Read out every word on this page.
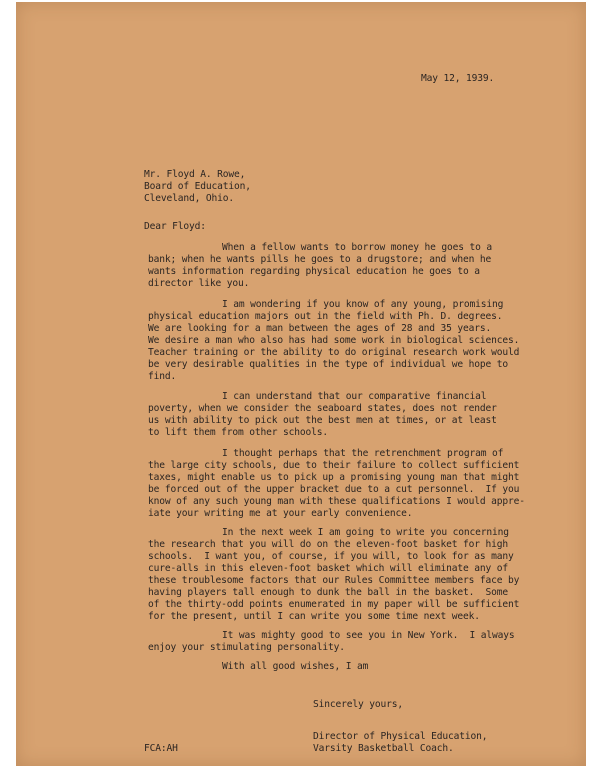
May 12, 1939.
Mr. Floyd A. Rowe,
Board of Education,
Cleveland, Ohio.
Dear Floyd:
When a fellow wants to borrow money he goes to a
bank; when he wants pills he goes to a drugstore; and when he
wants information regarding physical education he goes to a
director like you.
I am wondering if you know of any young, promising
physical education majors out in the field with Ph. D. degrees.
We are looking for a man between the ages of 28 and 35 years.
We desire a man who also has had some work in biological sciences.
Teacher training or the ability to do original research work would
be very desirable qualities in the type of individual we hope to
find.
I can understand that our comparative financial
poverty, when we consider the seaboard states, does not render
us with ability to pick out the best men at times, or at least
to lift them from other schools.
I thought perhaps that the retrenchment program of
the large city schools, due to their failure to collect sufficient
taxes, might enable us to pick up a promising young man that might
be forced out of the upper bracket due to a cut personnel.  If you
know of any such young man with these qualifications I would appre-
iate your writing me at your early convenience.
In the next week I am going to write you concerning
the research that you will do on the eleven-foot basket for high
schools.  I want you, of course, if you will, to look for as many
cure-alls in this eleven-foot basket which will eliminate any of
these troublesome factors that our Rules Committee members face by
having players tall enough to dunk the ball in the basket.  Some
of the thirty-odd points enumerated in my paper will be sufficient
for the present, until I can write you some time next week.
It was mighty good to see you in New York.  I always
enjoy your stimulating personality.
With all good wishes, I am
Sincerely yours,
Director of Physical Education,
Varsity Basketball Coach.
FCA:AH
